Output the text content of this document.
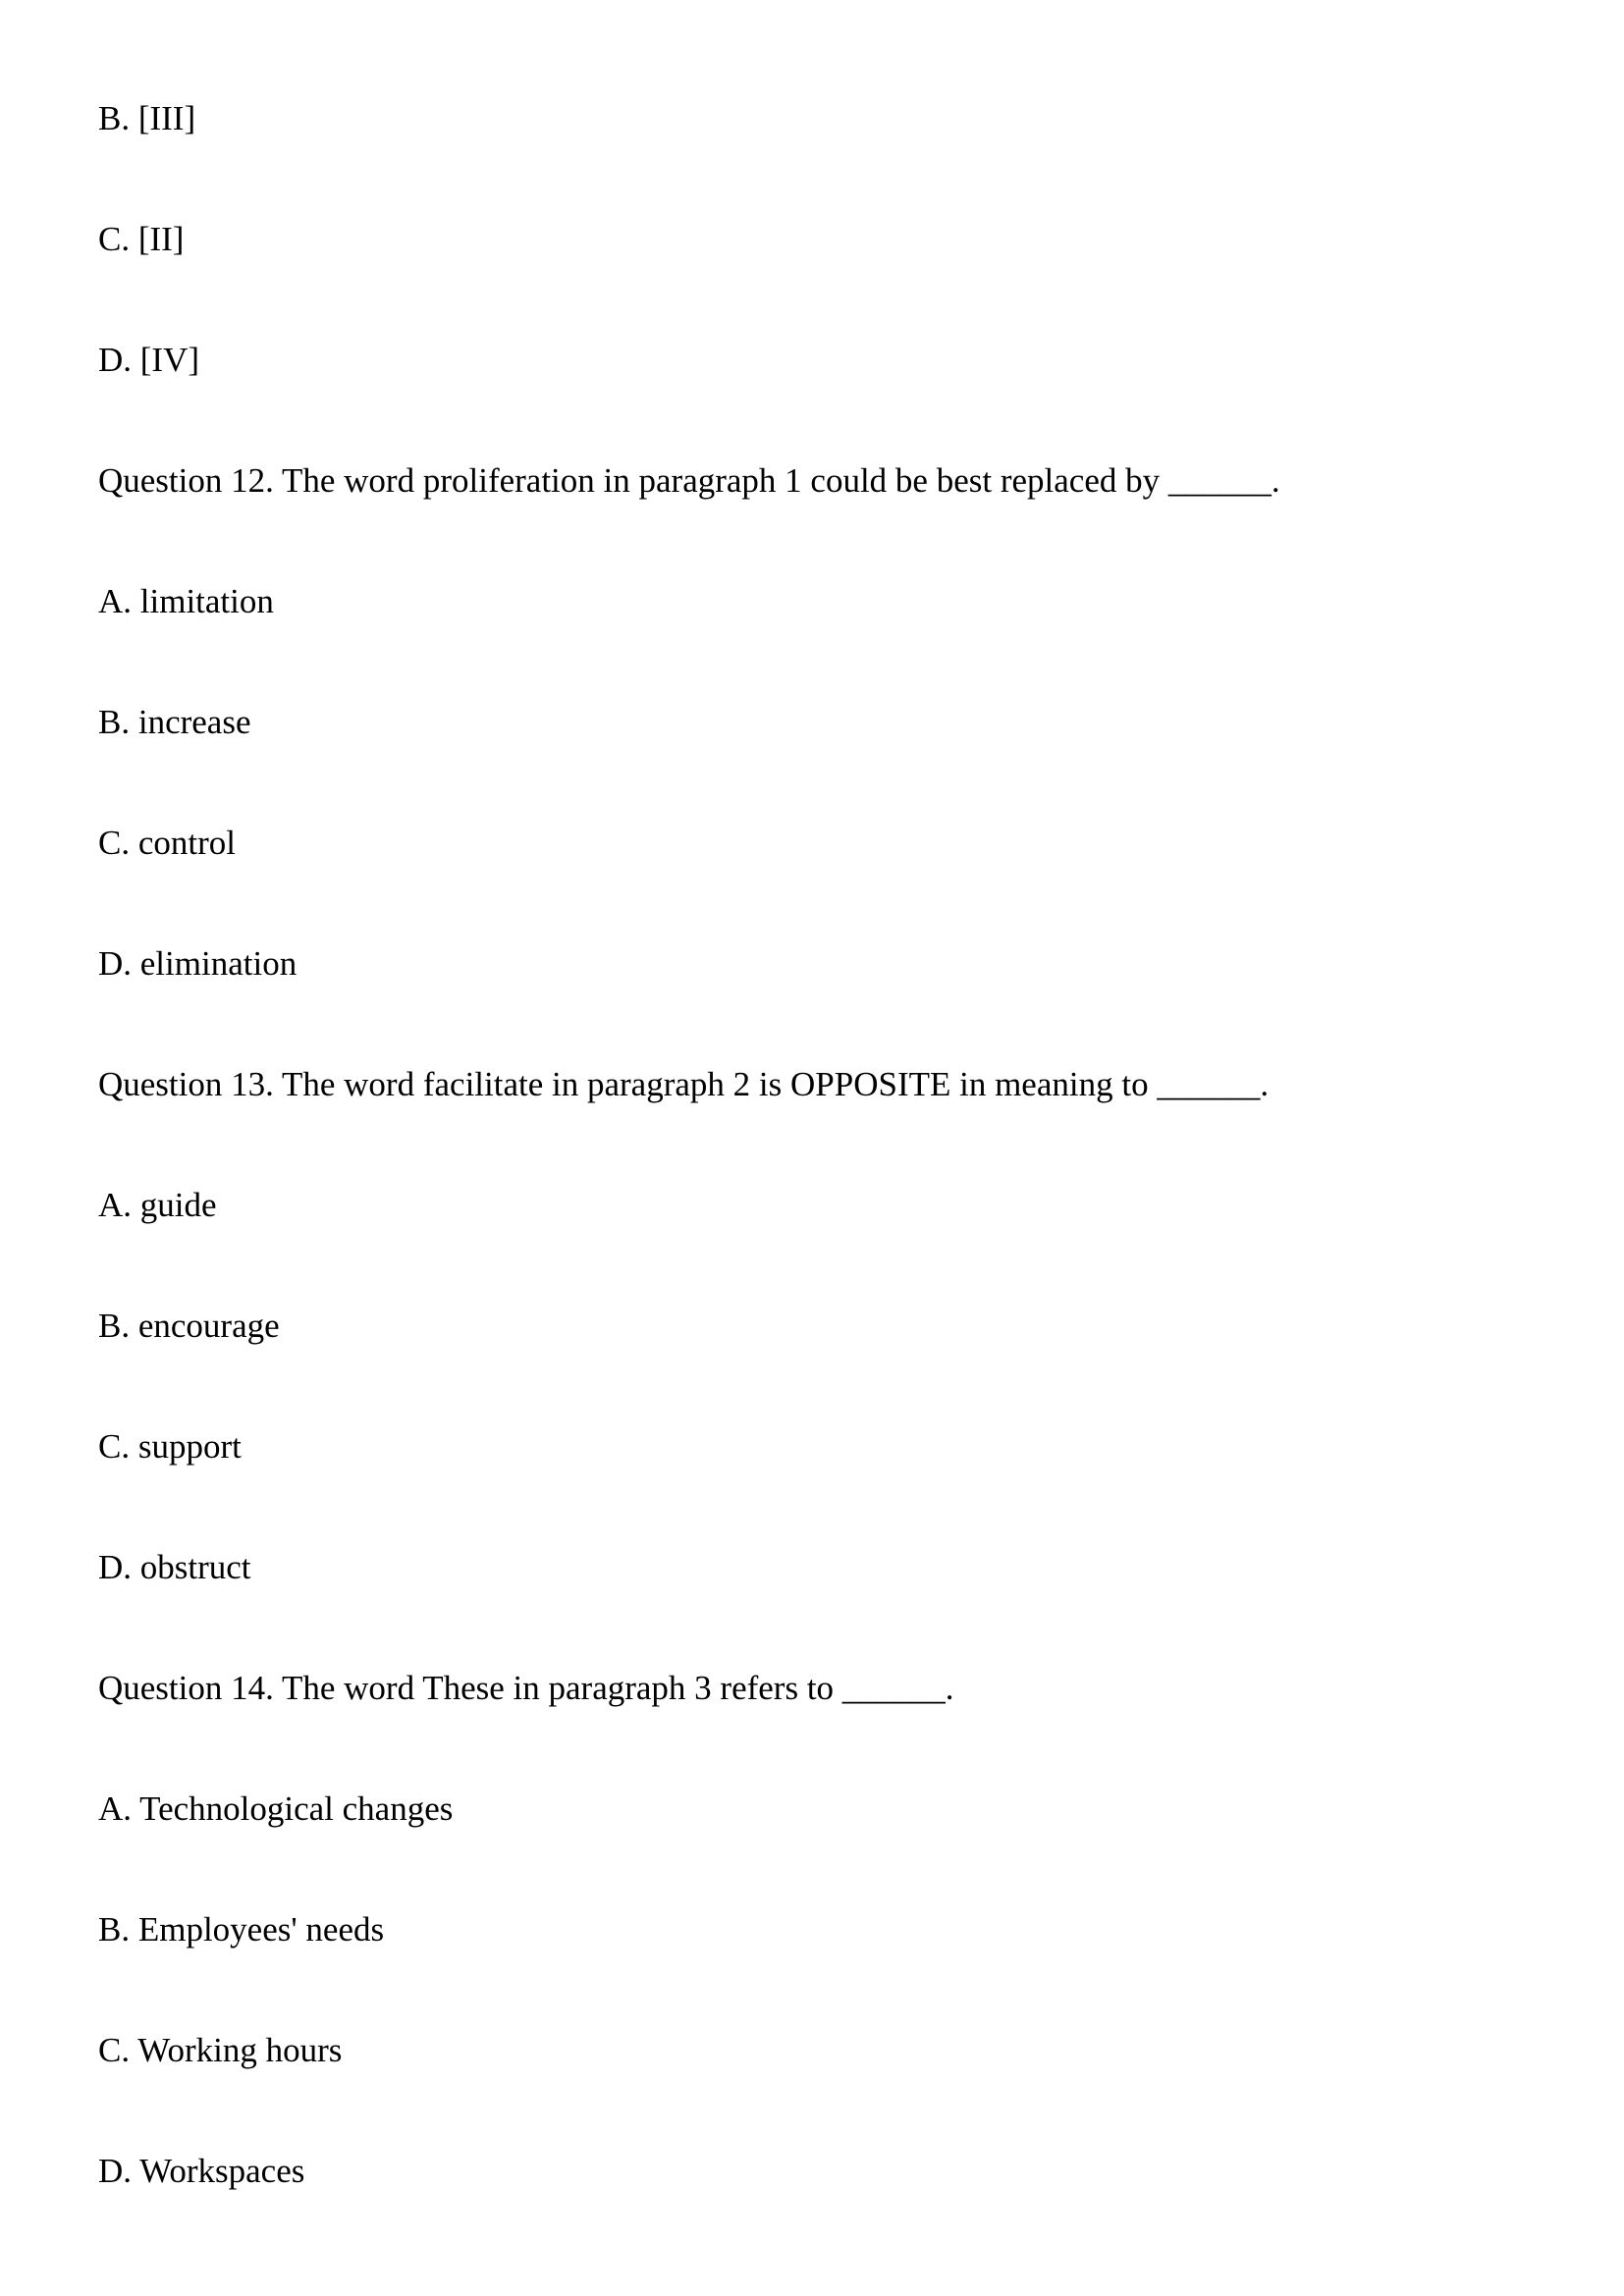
B. [III]

C. [II]

D. [IV]

Question 12. The word proliferation in paragraph 1 could be best replaced by ______.

A. limitation

B. increase

C. control

D. elimination

Question 13. The word facilitate in paragraph 2 is OPPOSITE in meaning to ______.

A. guide

B. encourage

C. support

D. obstruct

Question 14. The word These in paragraph 3 refers to ______.

A. Technological changes

B. Employees' needs

C. Working hours

D. Workspaces
